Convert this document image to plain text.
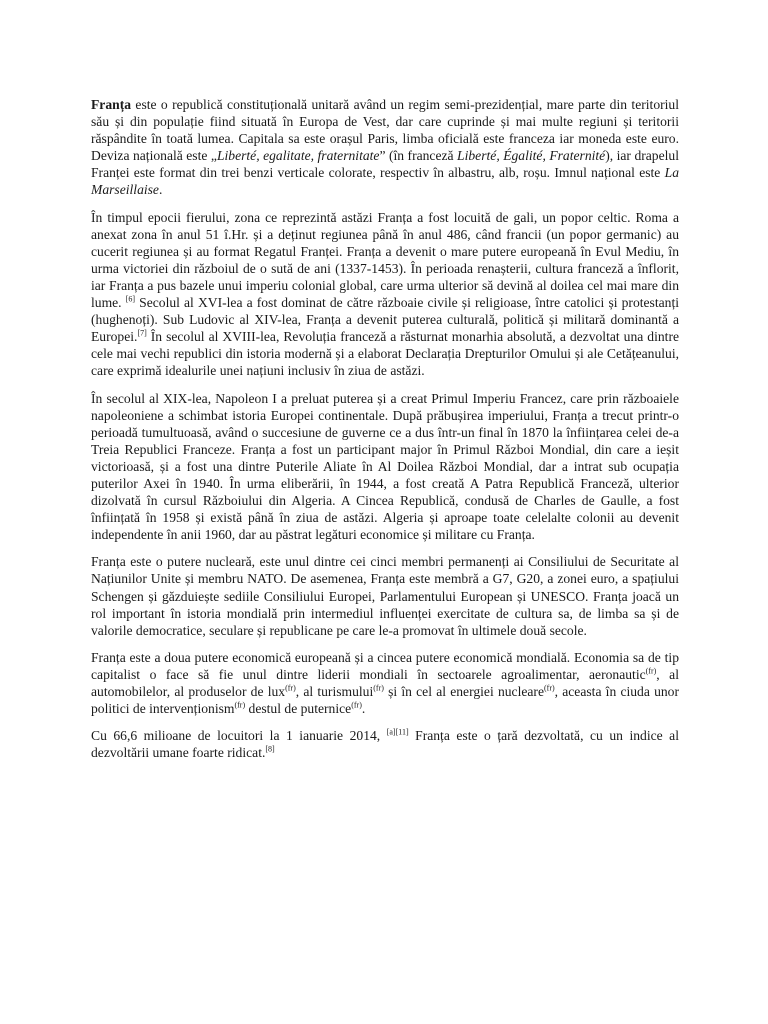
Franța este o republică constituțională unitară având un regim semi-prezidențial, mare parte din teritoriul său și din populație fiind situată în Europa de Vest, dar care cuprinde și mai multe regiuni și teritorii răspândite în toată lumea. Capitala sa este orașul Paris, limba oficială este franceza iar moneda este euro. Deviza națională este „Liberté, egalitate, fraternitate” (în franceză Liberté, Égalité, Fraternité), iar drapelul Franței este format din trei benzi verticale colorate, respectiv în albastru, alb, roșu. Imnul național este La Marseillaise.

În timpul epocii fierului, zona ce reprezintă astăzi Franța a fost locuită de gali, un popor celtic. Roma a anexat zona în anul 51 î.Hr. și a deținut regiunea până în anul 486, când francii (un popor germanic) au cucerit regiunea și au format Regatul Franței. Franța a devenit o mare putere europeană în Evul Mediu, în urma victoriei din războiul de o sută de ani (1337-1453). În perioada renașterii, cultura franceză a înflorit, iar Franța a pus bazele unui imperiu colonial global, care urma ulterior să devină al doilea cel mai mare din lume. [6] Secolul al XVI-lea a fost dominat de către războaie civile și religioase, între catolici și protestanți (hughenoți). Sub Ludovic al XIV-lea, Franța a devenit puterea culturală, politică și militară dominantă a Europei.[7] În secolul al XVIII-lea, Revoluția franceză a răsturnat monarhia absolută, a dezvoltat una dintre cele mai vechi republici din istoria modernă și a elaborat Declarația Drepturilor Omului și ale Cetățeanului, care exprimă idealurile unei națiuni inclusiv în ziua de astăzi.

În secolul al XIX-lea, Napoleon I a preluat puterea și a creat Primul Imperiu Francez, care prin războaiele napoleoniene a schimbat istoria Europei continentale. După prăbușirea imperiului, Franța a trecut printr-o perioadă tumultuoasă, având o succesiune de guverne ce a dus într-un final în 1870 la înființarea celei de-a Treia Republici Franceze. Franța a fost un participant major în Primul Război Mondial, din care a ieșit victorioasă, și a fost una dintre Puterile Aliate în Al Doilea Război Mondial, dar a intrat sub ocupația puterilor Axei în 1940. În urma eliberării, în 1944, a fost creată A Patra Republică Franceză, ulterior dizolvată în cursul Războiului din Algeria. A Cincea Republică, condusă de Charles de Gaulle, a fost înființată în 1958 și există până în ziua de astăzi. Algeria și aproape toate celelalte colonii au devenit independente în anii 1960, dar au păstrat legături economice și militare cu Franța.

Franța este o putere nucleară, este unul dintre cei cinci membri permanenți ai Consiliului de Securitate al Națiunilor Unite și membru NATO. De asemenea, Franța este membră a G7, G20, a zonei euro, a spațiului Schengen și găzduiește sediile Consiliului Europei, Parlamentului European și UNESCO. Franța joacă un rol important în istoria mondială prin intermediul influenței exercitate de cultura sa, de limba sa și de valorile democratice, seculare și republicane pe care le-a promovat în ultimele două secole.

Franța este a doua putere economică europeană și a cincea putere economică mondială. Economia sa de tip capitalist o face să fie unul dintre liderii mondiali în sectoarele agroalimentar, aeronautic$^{(fr)}$, al automobilelor, al produselor de lux$^{(fr)}$, al turismului$^{(fr)}$ și în cel al energiei nucleare$^{(fr)}$, aceasta în ciuda unor politici de intervenționism$^{(fr)}$ destul de puternice$^{(fr)}$.

Cu 66,6 milioane de locuitori la 1 ianuarie 2014, [a][11] Franța este o țară dezvoltată, cu un indice al dezvoltării umane foarte ridicat.[8]
